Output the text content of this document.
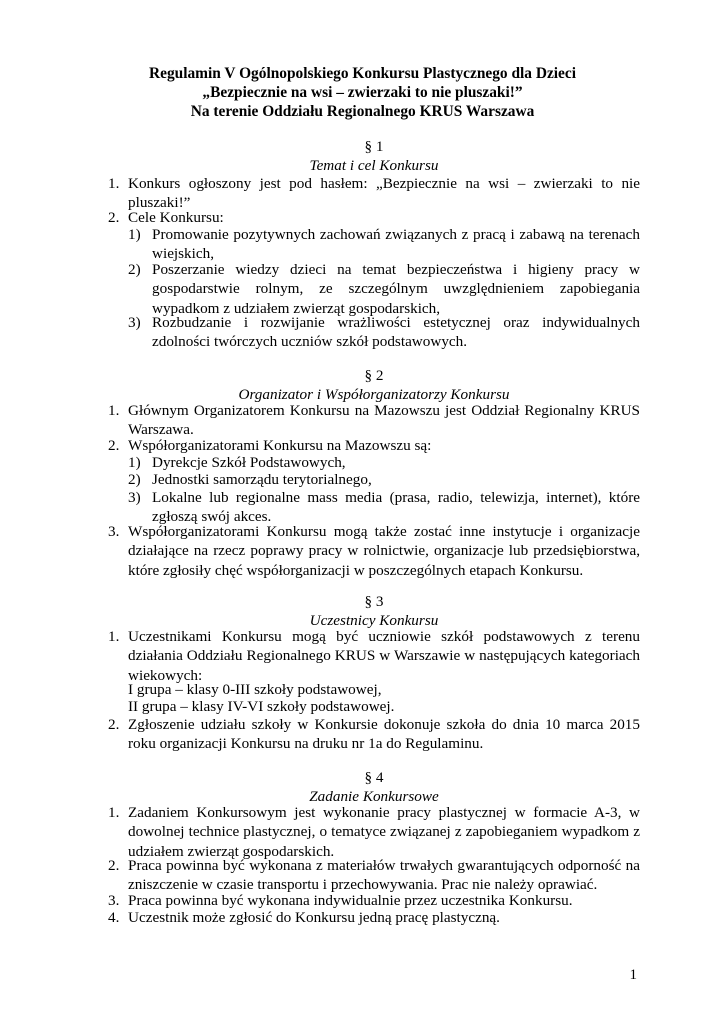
Regulamin V Ogólnopolskiego Konkursu Plastycznego dla Dzieci
„Bezpiecznie na wsi – zwierzaki to nie pluszaki!”
Na terenie Oddziału Regionalnego KRUS Warszawa
§ 1
Temat i cel Konkursu
1. Konkurs ogłoszony jest pod hasłem: „Bezpiecznie na wsi – zwierzaki to nie pluszaki!”
2. Cele Konkursu:
1) Promowanie pozytywnych zachowań związanych z pracą i zabawą na terenach wiejskich,
2) Poszerzanie wiedzy dzieci na temat bezpieczeństwa i higieny pracy w gospodarstwie rolnym, ze szczególnym uwzględnieniem zapobiegania wypadkom z udziałem zwierząt gospodarskich,
3) Rozbudzanie i rozwijanie wrażliwości estetycznej oraz indywidualnych zdolności twórczych uczniów szkół podstawowych.
§ 2
Organizator i Współorganizatorzy Konkursu
1. Głównym Organizatorem Konkursu na Mazowszu jest Oddział Regionalny KRUS Warszawa.
2. Współorganizatorami Konkursu na Mazowszu są:
1) Dyrekcje Szkół Podstawowych,
2) Jednostki samorządu terytorialnego,
3) Lokalne lub regionalne mass media (prasa, radio, telewizja, internet), które zgłoszą swój akces.
3. Współorganizatorami Konkursu mogą także zostać inne instytucje i organizacje działające na rzecz poprawy pracy w rolnictwie, organizacje lub przedsiębiorstwa, które zgłosiły chęć współorganizacji w poszczególnych etapach Konkursu.
§ 3
Uczestnicy Konkursu
1. Uczestnikami Konkursu mogą być uczniowie szkół podstawowych z terenu działania Oddziału Regionalnego KRUS w Warszawie w następujących kategoriach wiekowych:
I grupa – klasy 0-III szkoły podstawowej,
II grupa – klasy IV-VI szkoły podstawowej.
2. Zgłoszenie udziału szkoły w Konkursie dokonuje szkoła do dnia 10 marca 2015 roku organizacji Konkursu na druku nr 1a do Regulaminu.
§ 4
Zadanie Konkursowe
1. Zadaniem Konkursowym jest wykonanie pracy plastycznej w formacie A-3, w dowolnej technice plastycznej, o tematyce związanej z zapobieganiem wypadkom z udziałem zwierząt gospodarskich.
2. Praca powinna być wykonana z materiałów trwałych gwarantujących odporność na zniszczenie w czasie transportu i przechowywania. Prac nie należy oprawiać.
3. Praca powinna być wykonana indywidualnie przez uczestnika Konkursu.
4. Uczestnik może zgłosić do Konkursu jedną pracę plastyczną.
1
